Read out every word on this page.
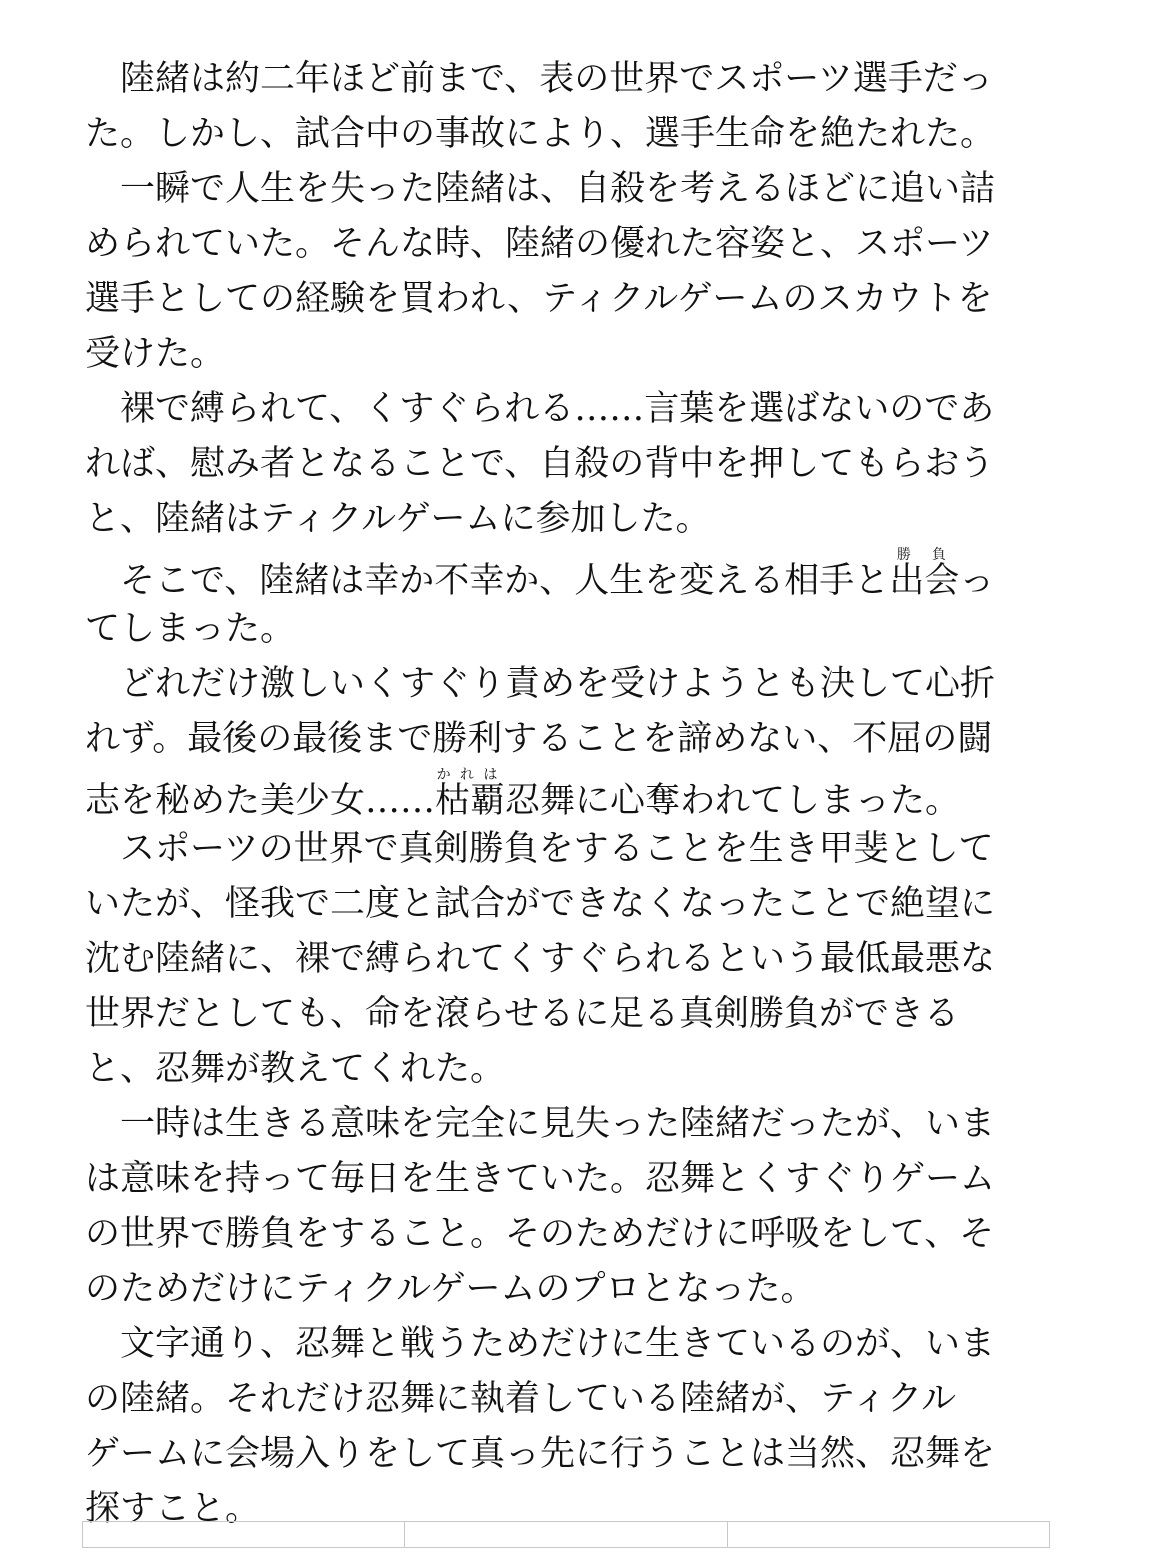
陸緒は約二年ほど前まで、表の世界でスポーツ選手だっ
た。しかし、試合中の事故により、選手生命を絶たれた。
一瞬で人生を失った陸緒は、自殺を考えるほどに追い詰
められていた。そんな時、陸緒の優れた容姿と、スポーツ
選手としての経験を買われ、ティクルゲームのスカウトを
受けた。
裸で縛られて、くすぐられる……言葉を選ばないのであ
れば、慰み者となることで、自殺の背中を押してもらおう
と、陸緒はティクルゲームに参加した。
そこで、陸緒は幸か不幸か、人生を変える相手と出会勝負っ
てしまった。
どれだけ激しいくすぐり責めを受けようとも決して心折
れず。最後の最後まで勝利することを諦めない、不屈の闘
志を秘めた美少女……枯覇かれは忍舞に心奪われてしまった。
スポーツの世界で真剣勝負をすることを生き甲斐として
いたが、怪我で二度と試合ができなくなったことで絶望に
沈む陸緒に、裸で縛られてくすぐられるという最低最悪な
世界だとしても、命を滾らせるに足る真剣勝負ができる
と、忍舞が教えてくれた。
一時は生きる意味を完全に見失った陸緒だったが、いま
は意味を持って毎日を生きていた。忍舞とくすぐりゲーム
の世界で勝負をすること。そのためだけに呼吸をして、そ
のためだけにティクルゲームのプロとなった。
文字通り、忍舞と戦うためだけに生きているのが、いま
の陸緒。それだけ忍舞に執着している陸緒が、ティクル
ゲームに会場入りをして真っ先に行うことは当然、忍舞を
探すこと。
